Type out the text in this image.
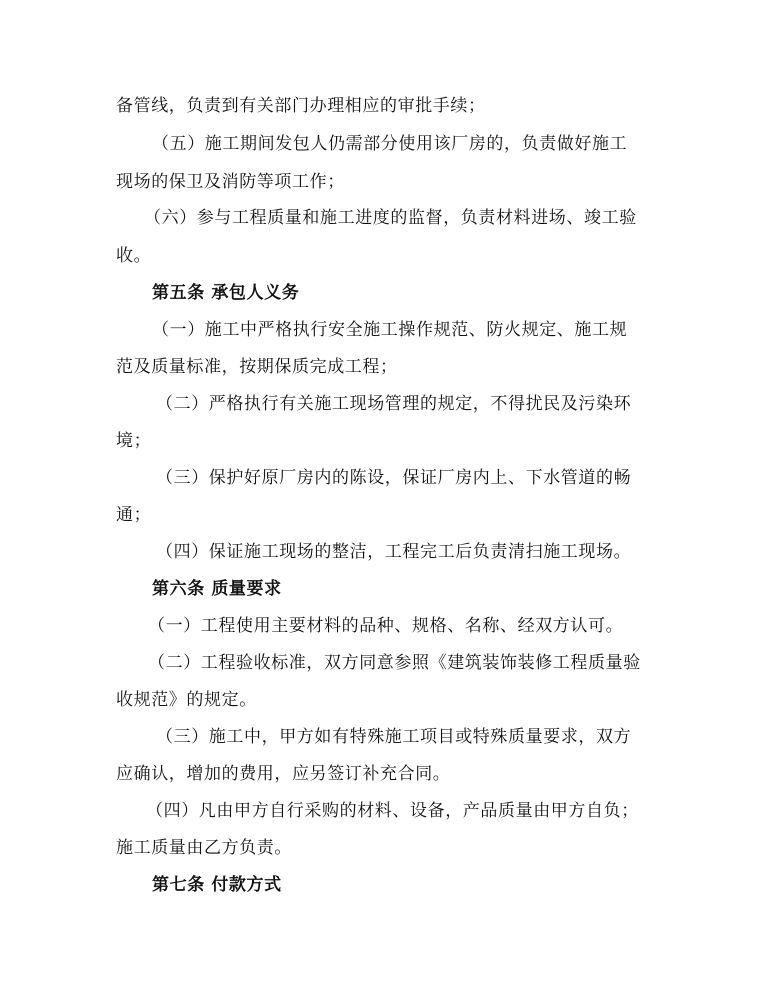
备管线，负责到有关部门办理相应的审批手续；
（五）施工期间发包人仍需部分使用该厂房的，负责做好施工
现场的保卫及消防等项工作；
（六）参与工程质量和施工进度的监督，负责材料进场、竣工验
收。
第五条 承包人义务
（一）施工中严格执行安全施工操作规范、防火规定、施工规
范及质量标准，按期保质完成工程；
（二）严格执行有关施工现场管理的规定，不得扰民及污染环
境；
（三）保护好原厂房内的陈设，保证厂房内上、下水管道的畅
通；
（四）保证施工现场的整洁，工程完工后负责清扫施工现场。
第六条 质量要求
（一）工程使用主要材料的品种、规格、名称、经双方认可。
（二）工程验收标准，双方同意参照《建筑装饰装修工程质量验
收规范》的规定。
（三）施工中，甲方如有特殊施工项目或特殊质量要求，双方
应确认，增加的费用，应另签订补充合同。
（四）凡由甲方自行采购的材料、设备，产品质量由甲方自负；
施工质量由乙方负责。
第七条 付款方式
